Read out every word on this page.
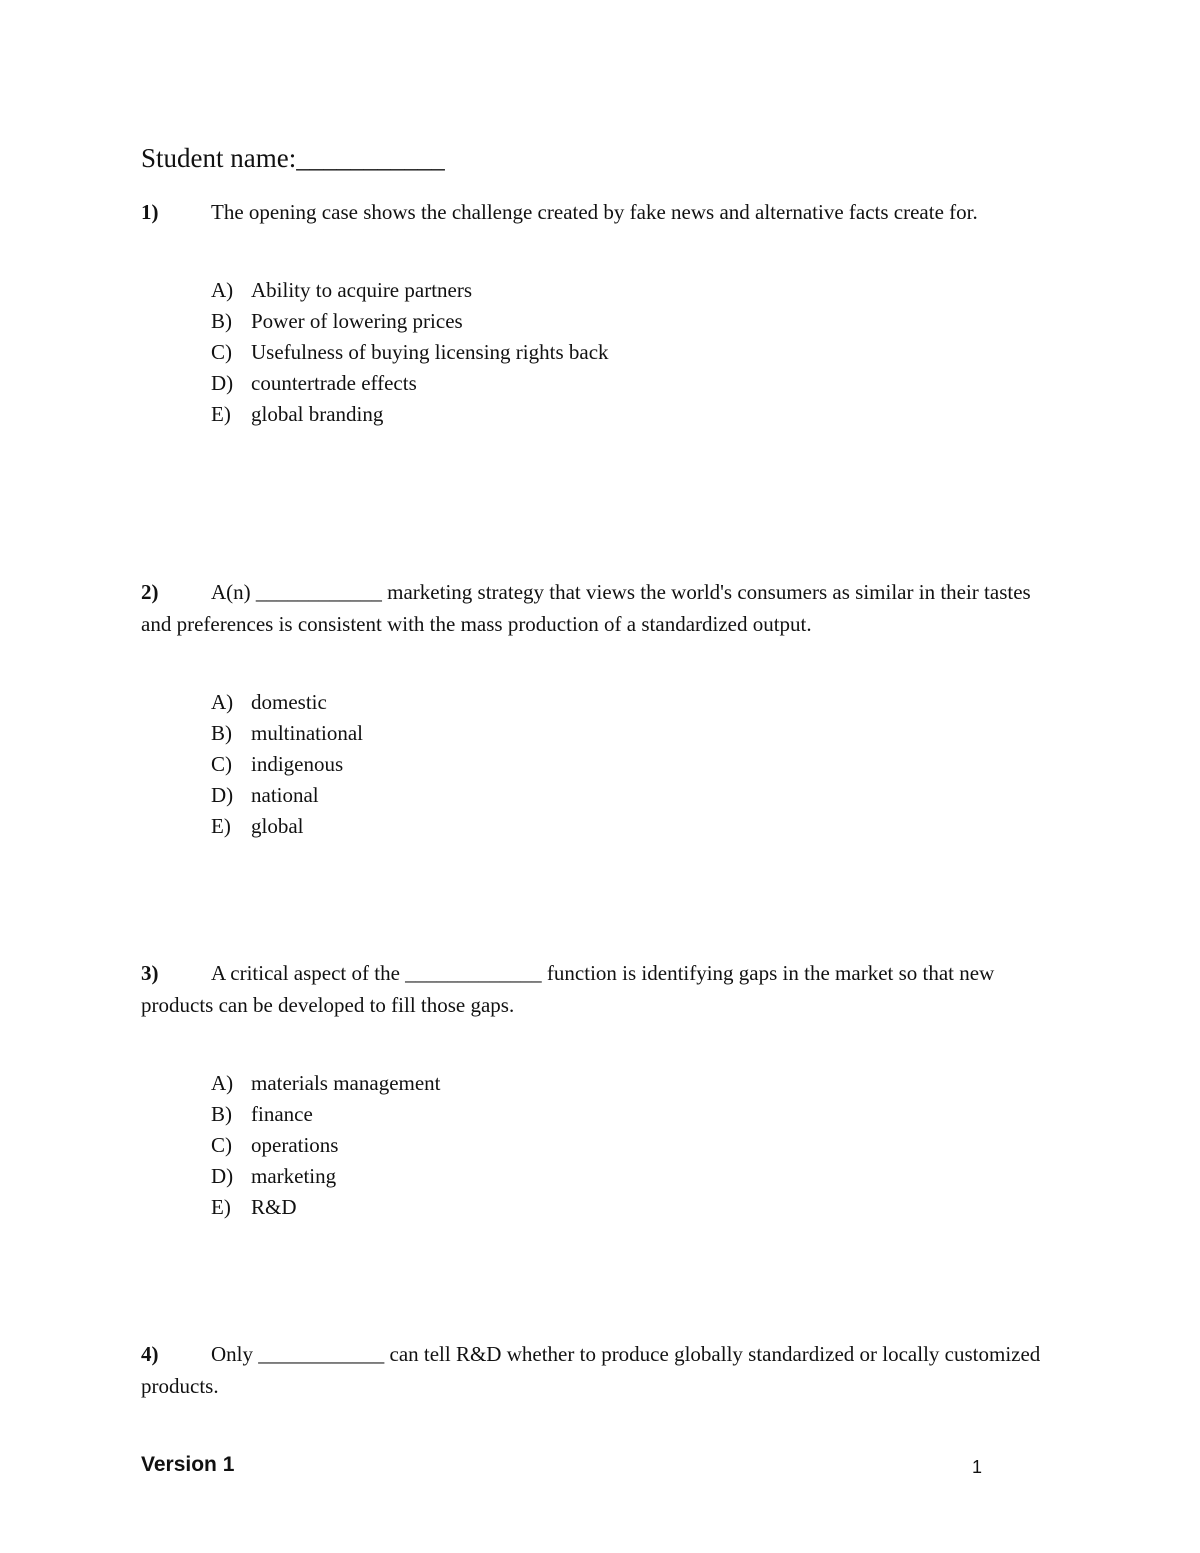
Student name:___________

1)	The opening case shows the challenge created by fake news and alternative facts create for.

A) Ability to acquire partners
B) Power of lowering prices
C) Usefulness of buying licensing rights back
D) countertrade effects
E) global branding

2)	A(n) ____________ marketing strategy that views the world's consumers as similar in their tastes and preferences is consistent with the mass production of a standardized output.

A) domestic
B) multinational
C) indigenous
D) national
E) global

3)	A critical aspect of the _____________ function is identifying gaps in the market so that new products can be developed to fill those gaps.

A) materials management
B) finance
C) operations
D) marketing
E) R&D

4)	Only ____________ can tell R&D whether to produce globally standardized or locally customized products.

Version 1	1
